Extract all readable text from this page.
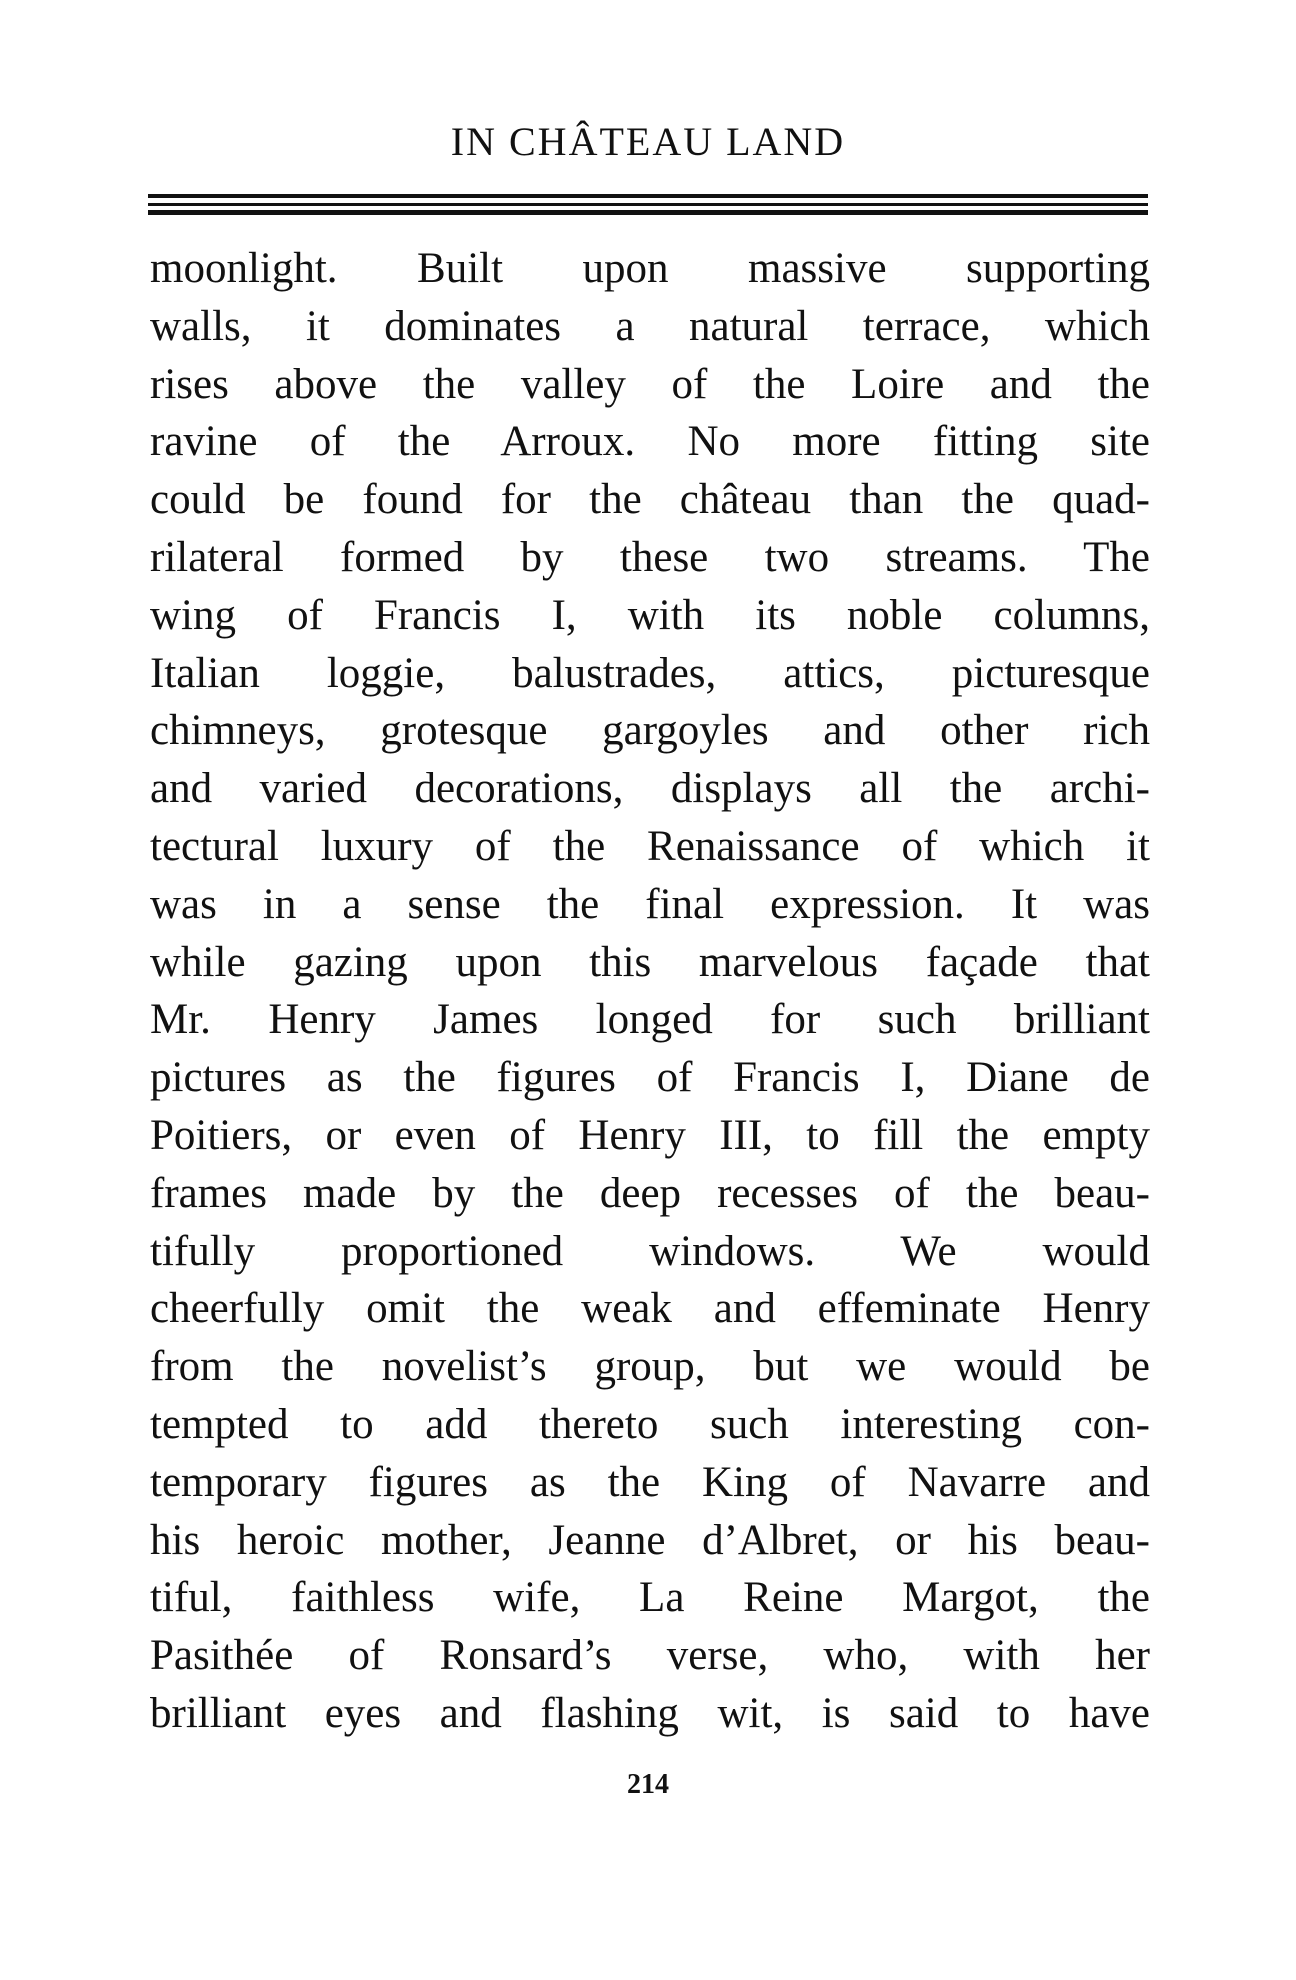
IN CHÂTEAU LAND
moonlight. Built upon massive supporting
walls, it dominates a natural terrace, which
rises above the valley of the Loire and the
ravine of the Arroux. No more fitting site
could be found for the château than the quad-
rilateral formed by these two streams. The
wing of Francis I, with its noble columns,
Italian loggie, balustrades, attics, picturesque
chimneys, grotesque gargoyles and other rich
and varied decorations, displays all the archi-
tectural luxury of the Renaissance of which it
was in a sense the final expression. It was
while gazing upon this marvelous façade that
Mr. Henry James longed for such brilliant
pictures as the figures of Francis I, Diane de
Poitiers, or even of Henry III, to fill the empty
frames made by the deep recesses of the beau-
tifully proportioned windows. We would
cheerfully omit the weak and effeminate Henry
from the novelist’s group, but we would be
tempted to add thereto such interesting con-
temporary figures as the King of Navarre and
his heroic mother, Jeanne d’Albret, or his beau-
tiful, faithless wife, La Reine Margot, the
Pasithée of Ronsard’s verse, who, with her
brilliant eyes and flashing wit, is said to have
214
